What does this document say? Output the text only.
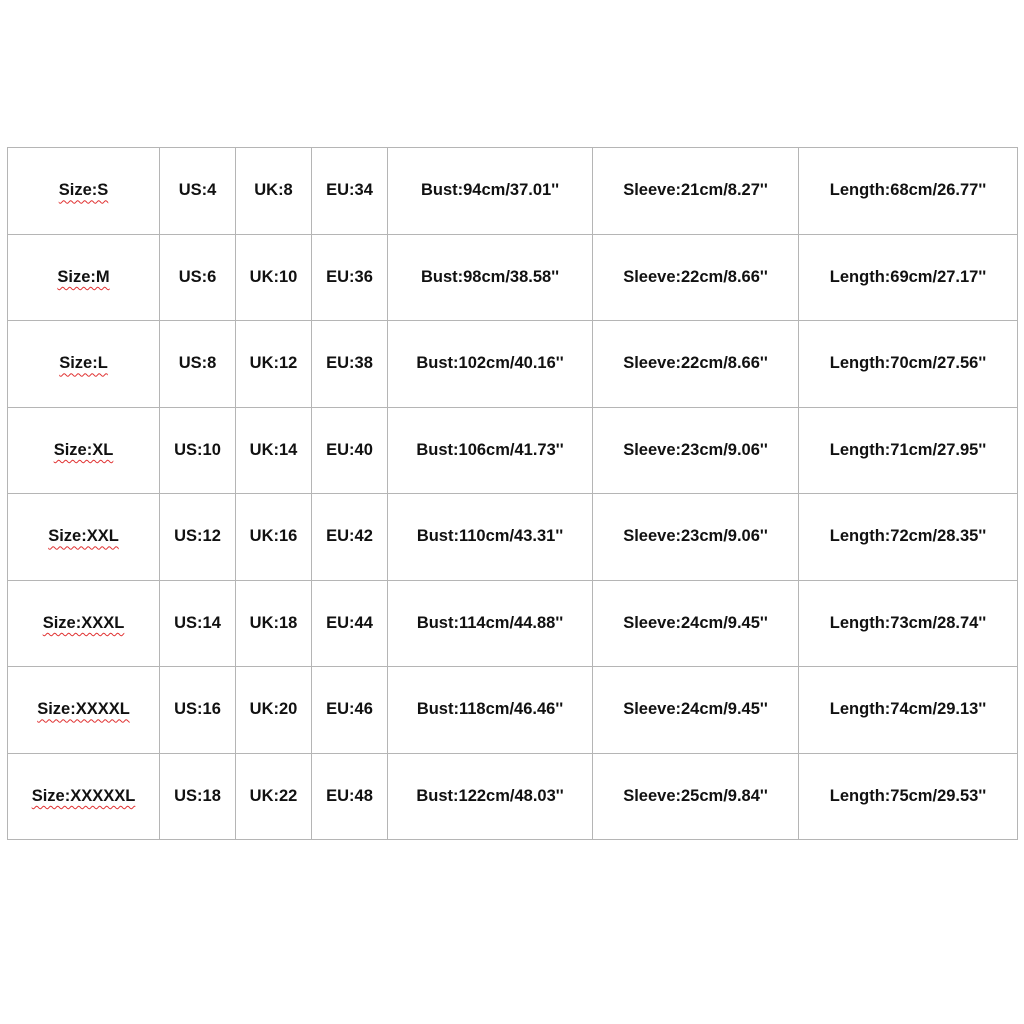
Size:S	US:4	UK:8	EU:34	Bust:94cm/37.01''	Sleeve:21cm/8.27''	Length:68cm/26.77''
Size:M	US:6	UK:10	EU:36	Bust:98cm/38.58''	Sleeve:22cm/8.66''	Length:69cm/27.17''
Size:L	US:8	UK:12	EU:38	Bust:102cm/40.16''	Sleeve:22cm/8.66''	Length:70cm/27.56''
Size:XL	US:10	UK:14	EU:40	Bust:106cm/41.73''	Sleeve:23cm/9.06''	Length:71cm/27.95''
Size:XXL	US:12	UK:16	EU:42	Bust:110cm/43.31''	Sleeve:23cm/9.06''	Length:72cm/28.35''
Size:XXXL	US:14	UK:18	EU:44	Bust:114cm/44.88''	Sleeve:24cm/9.45''	Length:73cm/28.74''
Size:XXXXL	US:16	UK:20	EU:46	Bust:118cm/46.46''	Sleeve:24cm/9.45''	Length:74cm/29.13''
Size:XXXXXL	US:18	UK:22	EU:48	Bust:122cm/48.03''	Sleeve:25cm/9.84''	Length:75cm/29.53''
